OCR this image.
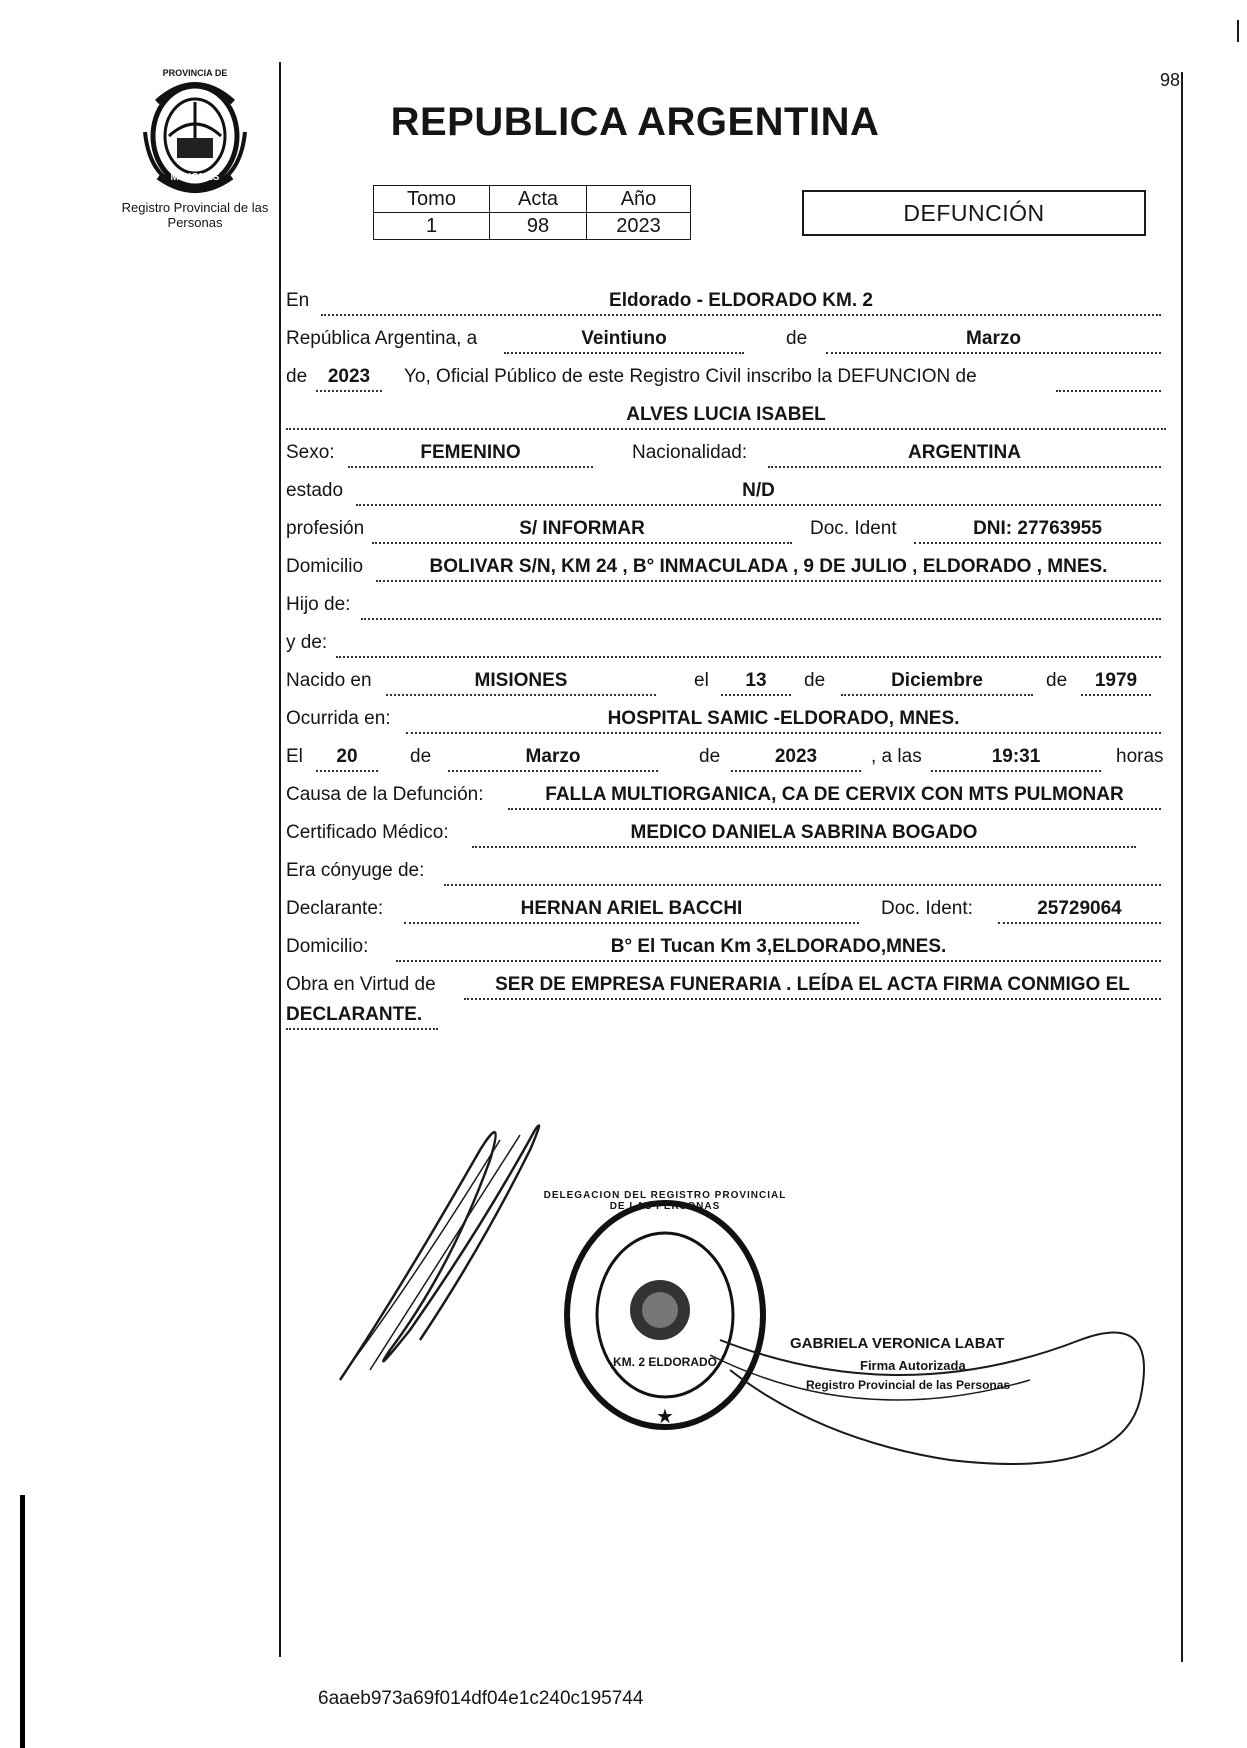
98
PROVINCIA DE
MISIONES
Registro Provincial de las Personas
REPUBLICA ARGENTINA
Tomo	Acta	Año
1	98	2023	DEFUNCIÓN
En	Eldorado - ELDORADO KM. 2
República Argentina, a	Veintiuno	de	Marzo
de	2023	Yo, Oficial Público de este Registro Civil inscribo la DEFUNCION de
ALVES LUCIA ISABEL
Sexo:	FEMENINO	Nacionalidad:	ARGENTINA
estado	N/D
profesión	S/ INFORMAR	Doc. Ident	DNI: 27763955
Domicilio	BOLIVAR S/N, KM 24 , B° INMACULADA , 9 DE JULIO , ELDORADO , MNES.
Hijo de:
y de:
Nacido en	MISIONES	el	13	de	Diciembre	de	1979
Ocurrida en:	HOSPITAL SAMIC -ELDORADO, MNES.
El	20	de	Marzo	de	2023	, a las	19:31	horas
Causa de la Defunción:	FALLA MULTIORGANICA, CA DE CERVIX CON MTS PULMONAR
Certificado Médico:	MEDICO DANIELA SABRINA BOGADO
Era cónyuge de:
Declarante:	HERNAN ARIEL BACCHI	Doc. Ident:	25729064
Domicilio:	B° El Tucan Km 3,ELDORADO,MNES.
Obra en Virtud de	SER DE EMPRESA FUNERARIA . LEÍDA EL ACTA FIRMA CONMIGO EL
DECLARANTE.
★
DELEGACION DEL REGISTRO PROVINCIAL DE LAS PERSONAS
KM. 2 ELDORADO
GABRIELA VERONICA LABAT
Firma Autorizada
Registro Provincial de las Personas
6aaeb973a69f014df04e1c240c195744
